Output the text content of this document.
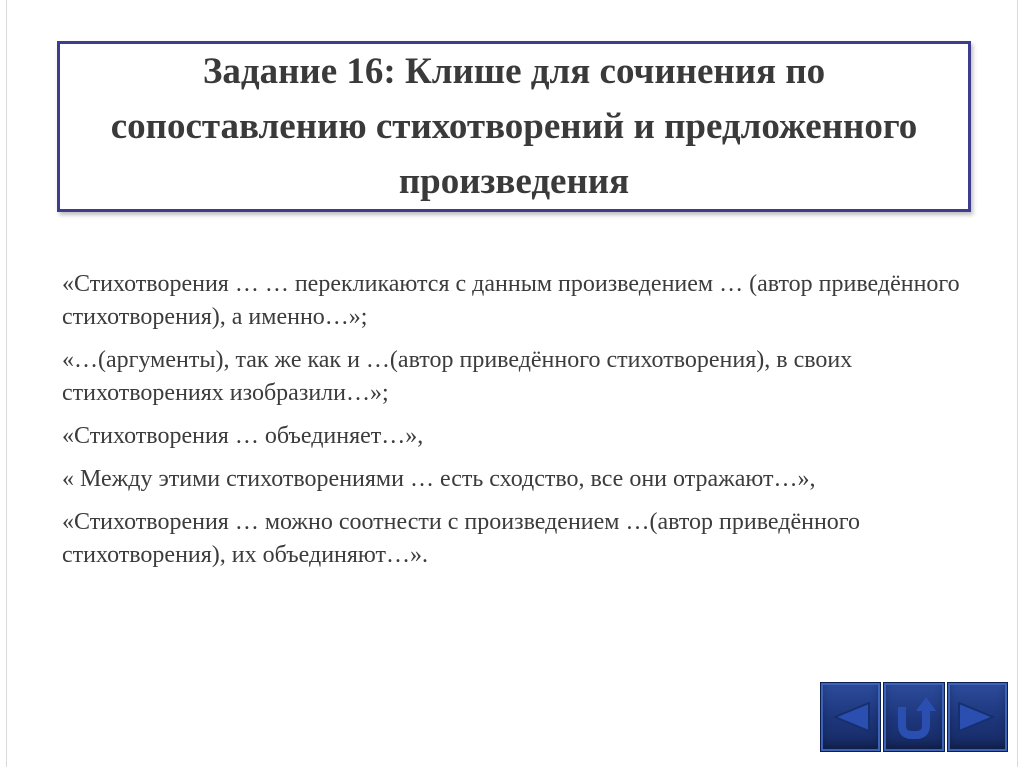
Задание 16: Клише для сочинения по сопоставлению стихотворений и предложенного произведения

«Стихотворения … … перекликаются с данным произведением … (автор приведённого стихотворения), а именно…»;
«…(аргументы), так же как и …(автор приведённого стихотворения), в своих стихотворениях изобразили…»;
«Стихотворения … объединяет…»,
« Между этими стихотворениями … есть сходство, все они отражают…»,
«Стихотворения … можно соотнести с произведением …(автор приведённого стихотворения), их объединяют…».
